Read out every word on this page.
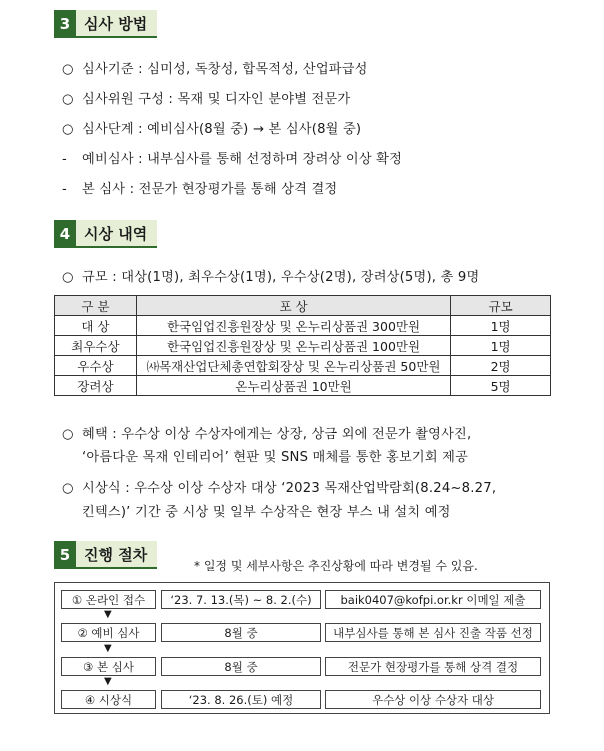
3 심사 방법
○ 심사기준 : 심미성, 독창성, 합목적성, 산업파급성
○ 심사위원 구성 : 목재 및 디자인 분야별 전문가
○ 심사단계 : 예비심사(8월 중) → 본 심사(8월 중)
- 예비심사 : 내부심사를 통해 선정하며 장려상 이상 확정
- 본 심사 : 전문가 현장평가를 통해 상격 결정
4 시상 내역
○ 규모 : 대상(1명), 최우수상(1명), 우수상(2명), 장려상(5명), 총 9명
구 분	포 상	규모
대 상	한국임업진흥원장상 및 온누리상품권 300만원	1명
최우수상	한국임업진흥원장상 및 온누리상품권 100만원	1명
우수상	㈔목재산업단체총연합회장상 및 온누리상품권 50만원	2명
장려상	온누리상품권 10만원	5명
○ 혜택 : 우수상 이상 수상자에게는 상장, 상금 외에 전문가 촬영사진,
‘아름다운 목재 인테리어’ 현판 및 SNS 매체를 통한 홍보기회 제공
○ 시상식 : 우수상 이상 수상자 대상 ‘2023 목재산업박람회(8.24~8.27,
킨텍스)’ 기간 중 시상 및 일부 수상작은 현장 부스 내 설치 예정
5 진행 절차
* 일정 및 세부사항은 추진상황에 따라 변경될 수 있음.
① 온라인 접수	‘23. 7. 13.(목) ~ 8. 2.(수)	baik0407@kofpi.or.kr 이메일 제출
▼
② 예비 심사	8월 중	내부심사를 통해 본 심사 진출 작품 선정
▼
③ 본 심사	8월 중	전문가 현장평가를 통해 상격 결정
▼
④ 시상식	‘23. 8. 26.(토) 예정	우수상 이상 수상자 대상
